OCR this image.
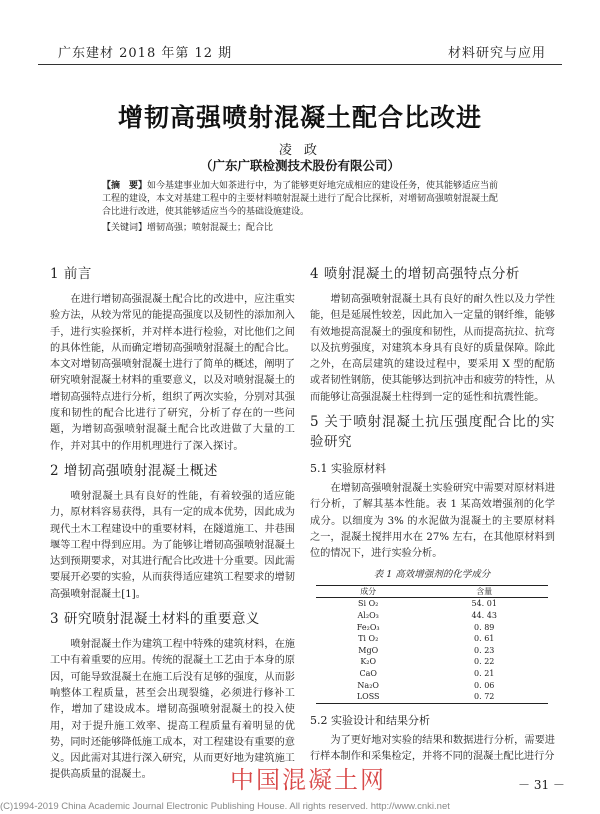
广东建材 2018 年第 12 期	材料研究与应用
增韧高强喷射混凝土配合比改进
凌 政
（广东广联检测技术股份有限公司）
【摘　要】如今基建事业加大如茶进行中，为了能够更好地完成相应的建设任务，使其能够适应当前工程的建设，本文对基建工程中的主要材料喷射混凝土进行了配合比探析，对增韧高强喷射混凝土配合比进行改进，使其能够适应当今的基础设施建设。
【关键词】增韧高强；喷射混凝土；配合比
1 前言

在进行增韧高强混凝土配合比的改进中，应注重实验方法，从较为常见的能提高强度以及韧性的添加剂入手，进行实验探析，并对样本进行检验，对比他们之间的具体性能，从而确定增韧高强喷射混凝土的配合比。本文对增韧高强喷射混凝土进行了简单的概述，阐明了研究喷射混凝土材料的重要意义，以及对喷射混凝土的增韧高强特点进行分析，组织了两次实验，分别对其强度和韧性的配合比进行了研究，分析了存在的一些问题，为增韧高强喷射混凝土配合比改进做了大量的工作，并对其中的作用机理进行了深入探讨。

2 增韧高强喷射混凝土概述

喷射混凝土具有良好的性能，有着较强的适应能力，原材料容易获得，具有一定的成本优势，因此成为现代土木工程建设中的重要材料，在隧道施工、井巷围堰等工程中得到应用。为了能够让增韧高强喷射混凝土达到预期要求，对其进行配合比改进十分重要。因此需要展开必要的实验，从而获得适应建筑工程要求的增韧高强喷射混凝土[1]。

3 研究喷射混凝土材料的重要意义

喷射混凝土作为建筑工程中特殊的建筑材料，在施工中有着重要的应用。传统的混凝土工艺由于本身的原因，可能导致混凝土在施工后没有足够的强度，从而影响整体工程质量，甚至会出现裂缝，必须进行修补工作，增加了建设成本。增韧高强喷射混凝土的投入使用，对于提升施工效率、提高工程质量有着明显的优势，同时还能够降低施工成本，对工程建设有重要的意义。因此需对其进行深入研究，从而更好地为建筑施工提供高质量的混凝土。

4 喷射混凝土的增韧高强特点分析

增韧高强喷射混凝土具有良好的耐久性以及力学性能，但是延展性较差，因此加入一定量的钢纤维，能够有效地提高混凝土的强度和韧性，从而提高抗拉、抗弯以及抗剪强度，对建筑本身具有良好的质量保障。除此之外，在高层建筑的建设过程中，要采用 X 型的配筋或者韧性钢筋，使其能够达到抗冲击和疲劳的特性，从而能够让高强混凝土柱得到一定的延性和抗震性能。

5 关于喷射混凝土抗压强度配合比的实验研究
5.1 实验原材料

在增韧高强喷射混凝土实验研究中需要对原材料进行分析，了解其基本性能。表 1 某高效增强剂的化学成分。以细度为 3% 的水泥做为混凝土的主要原材料之一，混凝土搅拌用水在 27% 左右，在其他原材料到位的情况下，进行实验分析。

表 1 高效增强剂的化学成分
成分	含量
Si O₂	54. 01
Al₂O₃	44. 43
Fe₂O₃	0. 89
Ti O₂	0. 61
MgO	0. 23
K₂O	0. 22
CaO	0. 21
Na₂O	0. 06
LOSS	0. 72
5.2 实验设计和结果分析

为了更好地对实验的结果和数据进行分析，需要进行样本制作和采集检定，并将不同的混凝土配比进行分

中国混凝土网	－ 31 －
(C)1994-2019 China Academic Journal Electronic Publishing House. All rights reserved. http://www.cnki.net
